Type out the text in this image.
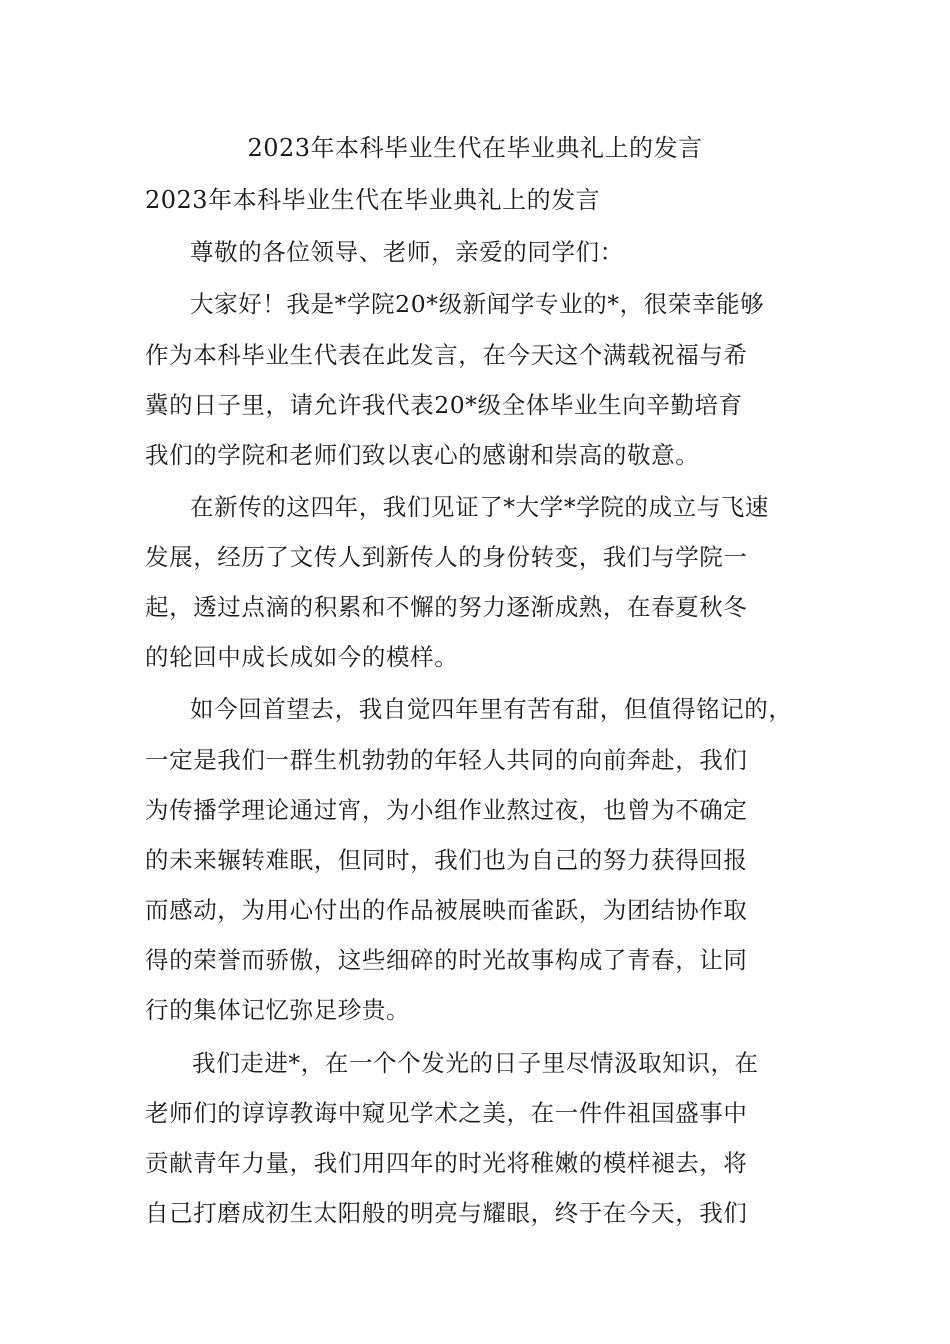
2023年本科毕业生代在毕业典礼上的发言
2023年本科毕业生代在毕业典礼上的发言
尊敬的各位领导、老师，亲爱的同学们：
大家好！我是*学院20*级新闻学专业的*，很荣幸能够
作为本科毕业生代表在此发言，在今天这个满载祝福与希
冀的日子里，请允许我代表20*级全体毕业生向辛勤培育
我们的学院和老师们致以衷心的感谢和崇高的敬意。
在新传的这四年，我们见证了*大学*学院的成立与飞速
发展，经历了文传人到新传人的身份转变，我们与学院一
起，透过点滴的积累和不懈的努力逐渐成熟，在春夏秋冬
的轮回中成长成如今的模样。
如今回首望去，我自觉四年里有苦有甜，但值得铭记的，
一定是我们一群生机勃勃的年轻人共同的向前奔赴，我们
为传播学理论通过宵，为小组作业熬过夜，也曾为不确定
的未来辗转难眠，但同时，我们也为自己的努力获得回报
而感动，为用心付出的作品被展映而雀跃，为团结协作取
得的荣誉而骄傲，这些细碎的时光故事构成了青春，让同
行的集体记忆弥足珍贵。
我们走进*，在一个个发光的日子里尽情汲取知识，在
老师们的谆谆教诲中窥见学术之美，在一件件祖国盛事中
贡献青年力量，我们用四年的时光将稚嫩的模样褪去，将
自己打磨成初生太阳般的明亮与耀眼，终于在今天，我们
